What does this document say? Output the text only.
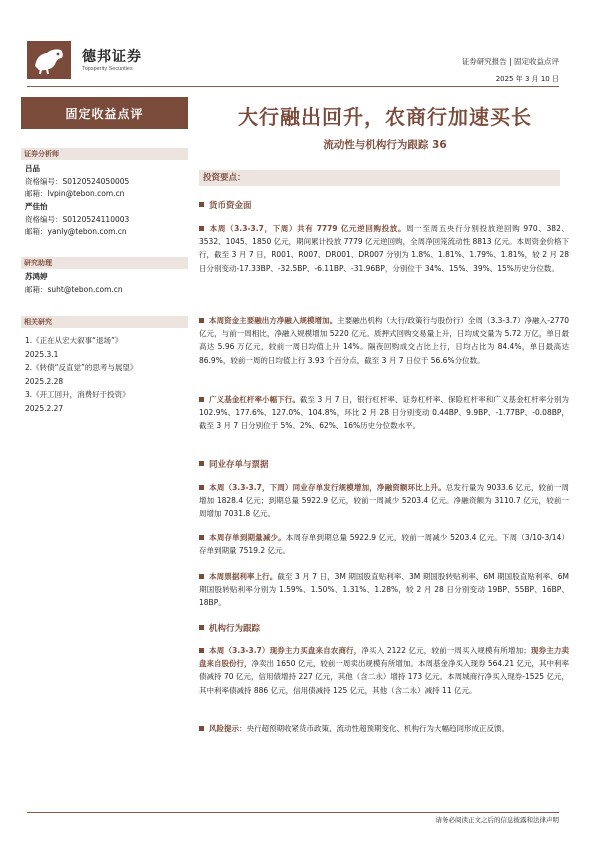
德邦证券
Topsperity Securities
证券研究报告 | 固定收益点评
2025 年 3 月 10 日
固定收益点评	大行融出回升，农商行加速买长
流动性与机构行为跟踪 36
证券分析师
吕品
资格编号：S0120524050005
邮箱：lvpin@tebon.com.cn
严佳怡
资格编号：S0120524110003
邮箱：yanly@tebon.com.cn
研究助理
苏鸿婷
邮箱：suht@tebon.com.cn
相关研究
1.《正在从宏大叙事“退场”》
2025.3.1
2.《转债“反直觉”的思考与展望》
2025.2.28
3.《开工回升，消费好于投资》
2025.2.27
投资要点：
货币资金面
本周（3.3-3.7，下周）共有 7779 亿元逆回购投放。周一至周五央行分别投放逆回购 970、382、3532、1045、1850 亿元，期间累计投放 7779 亿元逆回购，全周净回笼流动性 8813 亿元。本周资金价格下行，截至 3 月 7 日，R001、R007、DR001、DR007 分别为 1.8%、1.81%、1.79%、1.81%，较 2 月 28 日分别变动-17.33BP、-32.5BP、-6.11BP、-31.96BP，分别位于 34%、15%、39%、15%历史分位数。
本周资金主要融出方净融入规模增加。主要融出机构（大行/政策行与股份行）全周（3.3-3.7）净融入-2770 亿元，与前一周相比，净融入规模增加 5220 亿元。质押式回购交易量上升，日均成交量为 5.72 万亿，单日最高达 5.96 万亿元，较前一周日均值上升 14%。隔夜回购成交占比上行，日均占比为 84.4%，单日最高达 86.9%，较前一周的日均值上行 3.93 个百分点，截至 3 月 7 日位于 56.6%分位数。
广义基金杠杆率小幅下行。截至 3 月 7 日，银行杠杆率、证券杠杆率、保险杠杆率和广义基金杠杆率分别为 102.9%、177.6%、127.0%、104.8%，环比 2 月 28 日分别变动 0.44BP、9.9BP、-1.77BP、-0.08BP，截至 3 月 7 日分别位于 5%、2%、62%、16%历史分位数水平。
同业存单与票据
本周（3.3-3.7，下周）同业存单发行规模增加，净融资额环比上升。总发行量为 9033.6 亿元，较前一周增加 1828.4 亿元；到期总量 5922.9 亿元，较前一周减少 5203.4 亿元。净融资额为 3110.7 亿元，较前一周增加 7031.8 亿元。
本周存单到期量减少。本周存单到期总量 5922.9 亿元，较前一周减少 5203.4 亿元。下周（3/10-3/14）存单到期量 7519.2 亿元。
本周票据利率上行。截至 3 月 7 日，3M 期国股直贴利率、3M 期国股转贴利率、6M 期国股直贴利率、6M 期国股转贴利率分别为 1.59%、1.50%、1.31%、1.28%，较 2 月 28 日分别变动 19BP、55BP、16BP、18BP。
机构行为跟踪
本周（3.3-3.7）现券主力买盘来自农商行，净买入 2122 亿元，较前一周买入规模有所增加；现券主力卖盘来自股份行，净卖出 1650 亿元，较前一周卖出规模有所增加。本周基金净买入现券 564.21 亿元，其中利率债减持 70 亿元，信用债增持 227 亿元，其他（含二永）增持 173 亿元。本周城商行净买入现券-1525 亿元，其中利率债减持 886 亿元，信用债减持 125 亿元，其他（含二永）减持 11 亿元。
风险提示：央行超预期收紧货币政策、流动性超预期变化、机构行为大幅趋同形成正反馈。
请务必阅读正文之后的信息披露和法律声明
